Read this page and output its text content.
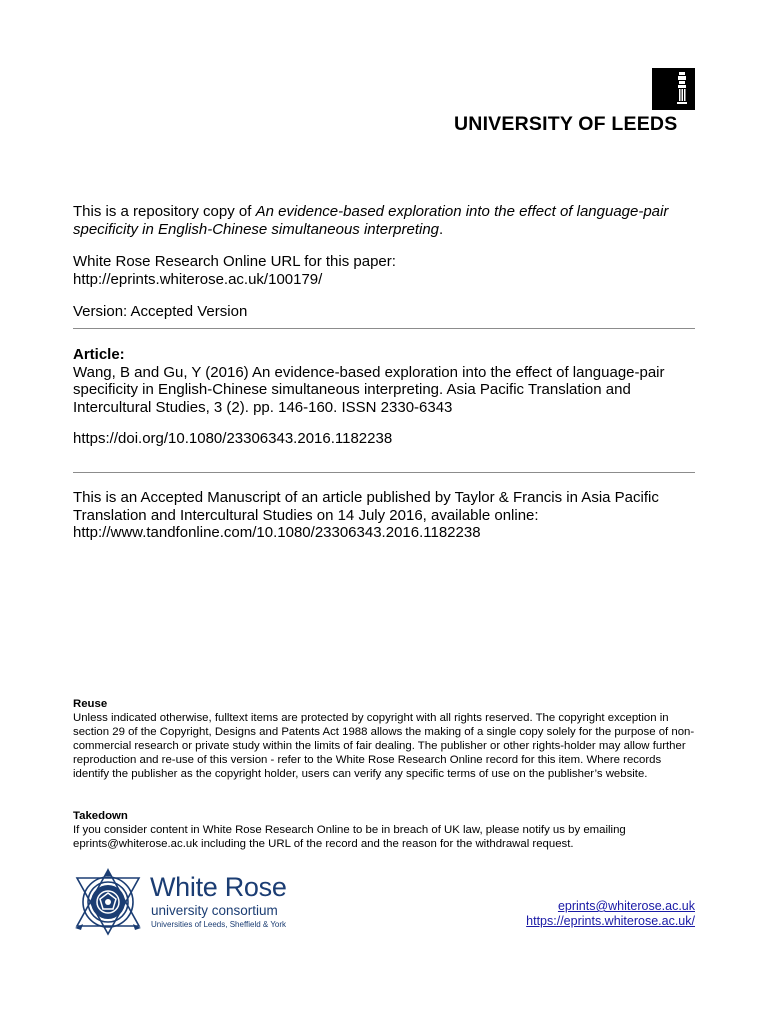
UNIVERSITY OF LEEDS

This is a repository copy of An evidence-based exploration into the effect of language-pair specificity in English-Chinese simultaneous interpreting.

White Rose Research Online URL for this paper:

http://eprints.whiterose.ac.uk/100179/

Version: Accepted Version

Article:

Wang, B and Gu, Y (2016) An evidence-based exploration into the effect of language-pair specificity in English-Chinese simultaneous interpreting. Asia Pacific Translation and Intercultural Studies, 3 (2). pp. 146-160. ISSN 2330-6343

https://doi.org/10.1080/23306343.2016.1182238

This is an Accepted Manuscript of an article published by Taylor & Francis in Asia Pacific

Translation and Intercultural Studies on 14 July 2016, available online:

http://www.tandfonline.com/10.1080/23306343.2016.1182238

Reuse
Unless indicated otherwise, fulltext items are protected by copyright with all rights reserved. The copyright exception in section 29 of the Copyright, Designs and Patents Act 1988 allows the making of a single copy solely for the purpose of non-commercial research or private study within the limits of fair dealing. The publisher or other rights-holder may allow further reproduction and re-use of this version - refer to the White Rose Research Online record for this item. Where records identify the publisher as the copyright holder, users can verify any specific terms of use on the publisher’s website.
Takedown
If you consider content in White Rose Research Online to be in breach of UK law, please notify us by emailing eprints@whiterose.ac.uk including the URL of the record and the reason for the withdrawal request.
White Rose
university consortium
Universities of Leeds, Sheffield & York
eprints@whiterose.ac.uk
https://eprints.whiterose.ac.uk/
